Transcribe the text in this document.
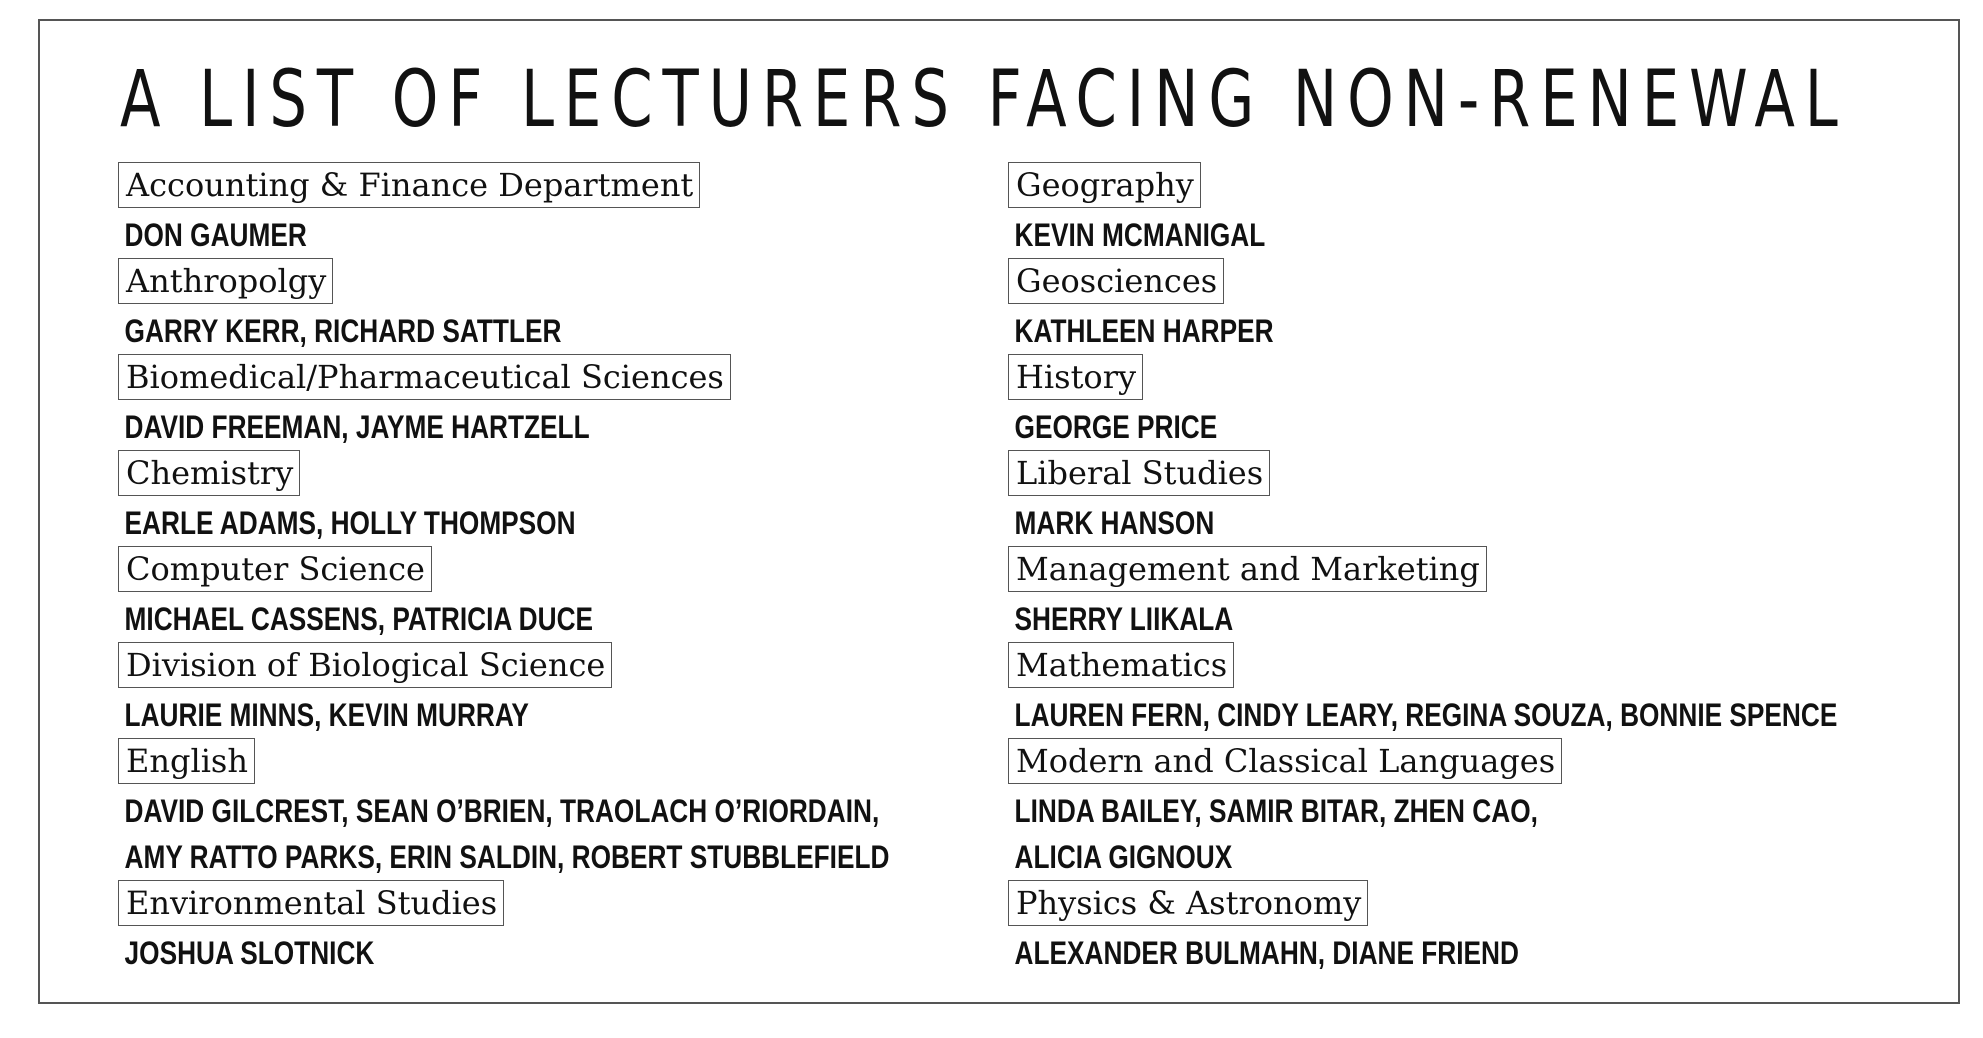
A LIST OF LECTURERS FACING NON-RENEWAL
Accounting & Finance Department
DON GAUMER
Anthropolgy
GARRY KERR, RICHARD SATTLER
Biomedical/Pharmaceutical Sciences
DAVID FREEMAN, JAYME HARTZELL
Chemistry
EARLE ADAMS, HOLLY THOMPSON
Computer Science
MICHAEL CASSENS, PATRICIA DUCE
Division of Biological Science
LAURIE MINNS, KEVIN MURRAY
English
DAVID GILCREST, SEAN O’BRIEN, TRAOLACH O’RIORDAIN,
AMY RATTO PARKS, ERIN SALDIN, ROBERT STUBBLEFIELD
Environmental Studies
JOSHUA SLOTNICK
Geography
KEVIN MCMANIGAL
Geosciences
KATHLEEN HARPER
History
GEORGE PRICE
Liberal Studies
MARK HANSON
Management and Marketing
SHERRY LIIKALA
Mathematics
LAUREN FERN, CINDY LEARY, REGINA SOUZA, BONNIE SPENCE
Modern and Classical Languages
LINDA BAILEY, SAMIR BITAR, ZHEN CAO,
ALICIA GIGNOUX
Physics & Astronomy
ALEXANDER BULMAHN, DIANE FRIEND
